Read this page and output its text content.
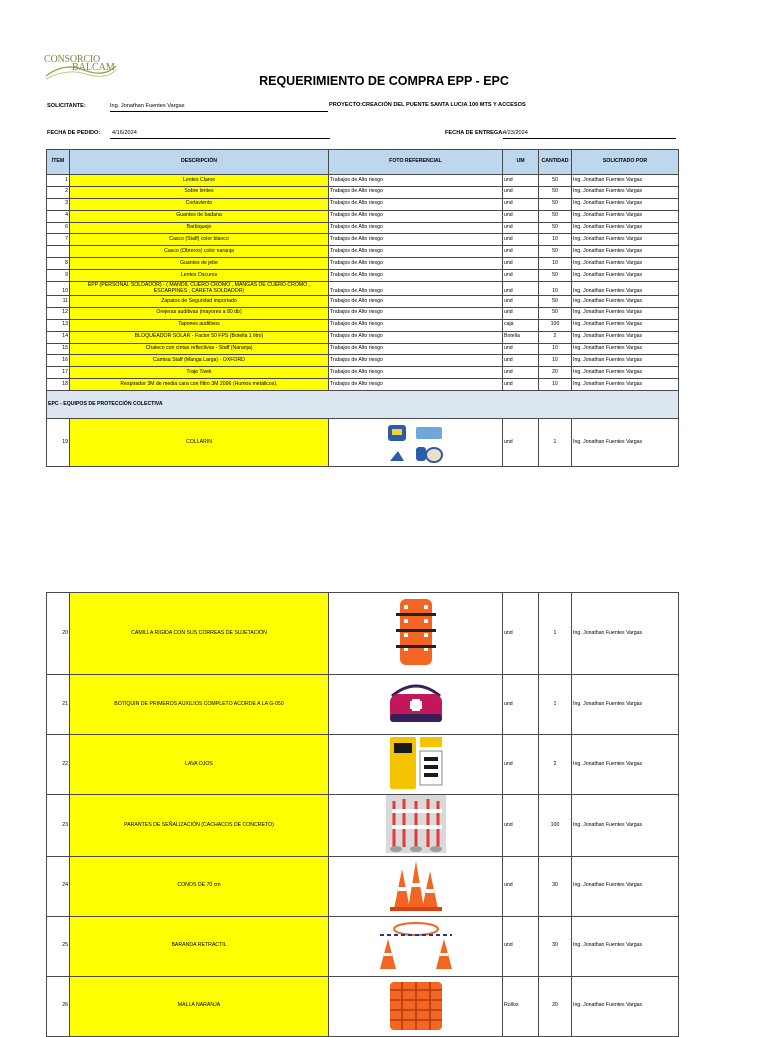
CONSORCIO
BALCAM
REQUERIMIENTO DE COMPRA EPP - EPC
SOLICITANTE:	Ing. Jonathan Fuentes Vargas	PROYECTO: CREACIÓN DEL PUENTE SANTA LUCIA 100 MTS Y ACCESOS
FECHA DE PEDIDO:	4/16/2024	FECHA DE ENTREGA:
4/23/2024
ÍTEM	DESCRIPCIÓN	FOTO REFERENCIAL	UM	CANTIDAD	SOLICITADO POR
1	Lentes Claros	Trabajos de Alto riesgo	und	50	Ing. Jonathan Fuentes Vargas
2	Sobre lentes	Trabajos de Alto riesgo	und	50	Ing. Jonathan Fuentes Vargas
3	Cortaviento	Trabajos de Alto riesgo	und	50	Ing. Jonathan Fuentes Vargas
4	Guantes de badana	Trabajos de Alto riesgo	und	50	Ing. Jonathan Fuentes Vargas
6	Barbiquejo	Trabajos de Alto riesgo	und	50	Ing. Jonathan Fuentes Vargas
7	Casco (Staff) color blanco	Trabajos de Alto riesgo	und	10	Ing. Jonathan Fuentes Vargas
	Casco (Obreros) color naranja	Trabajos de Alto riesgo	und	50	Ing. Jonathan Fuentes Vargas
8	Guantes de jebe	Trabajos de Alto riesgo	und	10	Ing. Jonathan Fuentes Vargas
9	Lentes Oscuros	Trabajos de Alto riesgo	und	50	Ing. Jonathan Fuentes Vargas
10	EPP (PERSONAL SOLDADOR) - ( MANDIL CUERO CROMO , MANGAS DE CUERO CROMO , ESCARPINES , CARETA SOLDADOR)	Trabajos de Alto riesgo	und	10	Ing. Jonathan Fuentes Vargas
11	Zapatos de Seguridad importado	Trabajos de Alto riesgo	und	50	Ing. Jonathan Fuentes Vargas
12	Orejeras auditivas (mayores a 80 db)	Trabajos de Alto riesgo	und	50	Ing. Jonathan Fuentes Vargas
13	Tapones auditivos	Trabajos de Alto riesgo	caja	100	Ing. Jonathan Fuentes Vargas
14	BLOQUEADOR SOLAR - Factor 50 FPS (Botella 1 litro)	Trabajos de Alto riesgo	Botella	2	Ing. Jonathan Fuentes Vargas
15	Chaleco con cintas reflectivas - Staff (Naranja)	Trabajos de Alto riesgo	und	10	Ing. Jonathan Fuentes Vargas
16	Camisa Staff (Manga Larga) - OXFORD	Trabajos de Alto riesgo	und	10	Ing. Jonathan Fuentes Vargas
17	Traje Tivek	Trabajos de Alto riesgo	und	20	Ing. Jonathan Fuentes Vargas
18	Respirador 3M de media cara con filtro 3M 2096 (Humos metálicos).	Trabajos de Alto riesgo	und	10	Ing. Jonathan Fuentes Vargas
EPC - EQUIPOS DE PROTECCIÓN COLECTIVA					
19	COLLARIN		und	1	Ing. Jonathan Fuentes Vargas
20	CAMILLA RIGIDA CON SUS CORREAS DE SUJETACIÓN		und	1	Ing. Jonathan Fuentes Vargas
21	BOTIQUIN DE PRIMEROS AUXILIOS COMPLETO ACORDE A LA G-050		und	1	Ing. Jonathan Fuentes Vargas
22	LAVA OJOS		und	2	Ing. Jonathan Fuentes Vargas
23	PARANTES DE SEÑALIZACIÓN (CACHACOS DE CONCRETO)		und	100	Ing. Jonathan Fuentes Vargas
24	CONOS DE 70 cm		und	30	Ing. Jonathan Fuentes Vargas
25	BARANDA RETRACTIL		und	30	Ing. Jonathan Fuentes Vargas
26	MALLA NARANJA		Rollos	20	Ing. Jonathan Fuentes Vargas
